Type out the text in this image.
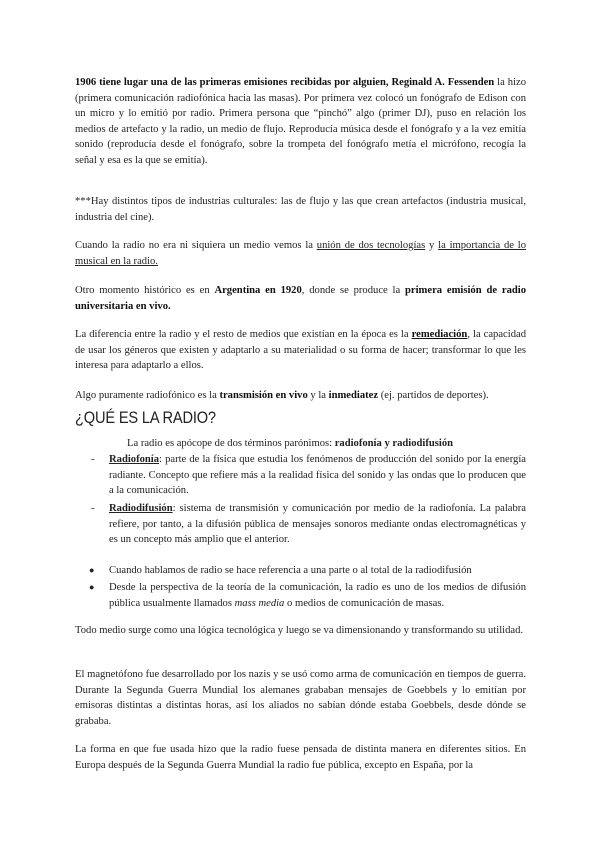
1906 tiene lugar una de las primeras emisiones recibidas por alguien, Reginald A. Fessenden la hizo (primera comunicación radiofónica hacia las masas). Por primera vez colocó un fonógrafo de Edison con un micro y lo emitió por radio. Primera persona que “pinchó” algo (primer DJ), puso en relación los medios de artefacto y la radio, un medio de flujo. Reproducía música desde el fonógrafo y a la vez emitía sonido (reproducía desde el fonógrafo, sobre la trompeta del fonógrafo metía el micrófono, recogía la señal y esa es la que se emitía).

***Hay distintos tipos de industrias culturales: las de flujo y las que crean artefactos (industria musical, industria del cine).

Cuando la radio no era ni siquiera un medio vemos la unión de dos tecnologías y la importancia de lo musical en la radio.

Otro momento histórico es en Argentina en 1920, donde se produce la primera emisión de radio universitaria en vivo.

La diferencia entre la radio y el resto de medios que existían en la época es la remediación, la capacidad de usar los géneros que existen y adaptarlo a su materialidad o su forma de hacer; transformar lo que les interesa para adaptarlo a ellos.

Algo puramente radiofónico es la transmisión en vivo y la inmediatez (ej. partidos de deportes).

¿QUÉ ES LA RADIO?

La radio es apócope de dos términos parónimos: radiofonía y radiodifusión

- Radiofonía: parte de la física que estudia los fenómenos de producción del sonido por la energía radiante. Concepto que refiere más a la realidad física del sonido y las ondas que lo producen que a la comunicación.
- Radiodifusión: sistema de transmisión y comunicación por medio de la radiofonía. La palabra refiere, por tanto, a la difusión pública de mensajes sonoros mediante ondas electromagnéticas y es un concepto más amplio que el anterior.
● Cuando hablamos de radio se hace referencia a una parte o al total de la radiodifusión
● Desde la perspectiva de la teoría de la comunicación, la radio es uno de los medios de difusión pública usualmente llamados mass media o medios de comunicación de masas.

Todo medio surge como una lógica tecnológica y luego se va dimensionando y transformando su utilidad.

El magnetófono fue desarrollado por los nazis y se usó como arma de comunicación en tiempos de guerra. Durante la Segunda Guerra Mundial los alemanes grababan mensajes de Goebbels y lo emitían por emisoras distintas a distintas horas, así los aliados no sabían dónde estaba Goebbels, desde dónde se grababa.

La forma en que fue usada hizo que la radio fuese pensada de distinta manera en diferentes sitios. En Europa después de la Segunda Guerra Mundial la radio fue pública, excepto en España, por la
